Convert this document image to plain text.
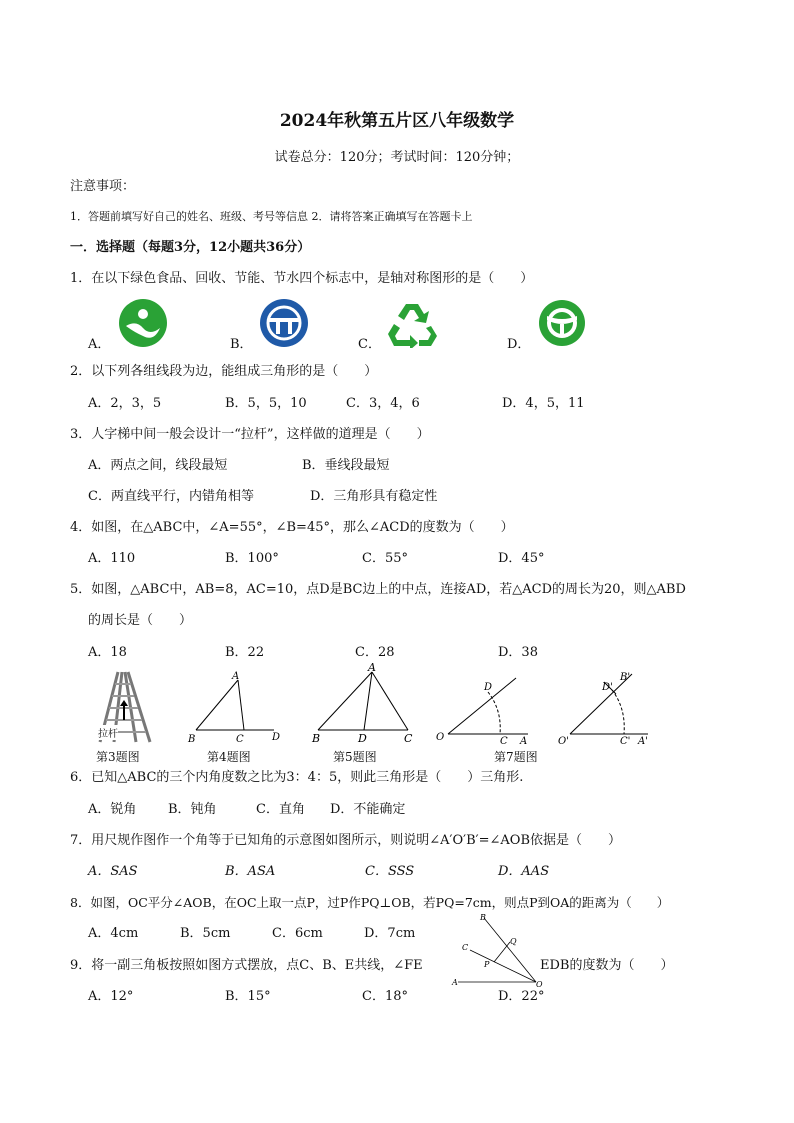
2024年秋第五片区八年级数学
试卷总分：120分；考试时间：120分钟；
注意事项：
1．答题前填写好自己的姓名、班级、考号等信息 2．请将答案正确填写在答题卡上
一．选择题（每题3分，12小题共36分）
1．在以下绿色食品、回收、节能、节水四个标志中，是轴对称图形的是（　　）
A．	B．	C．	D．
2．以下列各组线段为边，能组成三角形的是（　　）
A．2，3，5	B．5，5，10	C．3，4，6	D．4，5，11
3．人字梯中间一般会设计一“拉杆”，这样做的道理是（　　）
A．两点之间，线段最短	B．垂线段最短
C．两直线平行，内错角相等	D．三角形具有稳定性
4．如图，在△ABC中，∠A=55°，∠B=45°，那么∠ACD的度数为（　　）
A．110	B．100°	C．55°	D．45°
5．如图，△ABC中，AB=8，AC=10，点D是BC边上的中点，连接AD，若△ACD的周长为20，则△ABD
的周长是（　　）
A．18	B．22	C．28	D．38
拉杆
A
B	C	D
A
B	D	C O
D
C A
B'
D'
O'	C' A'
第3题图	第4题图	第5题图	第7题图
6．已知△ABC的三个内角度数之比为3：4：5，则此三角形是（　　）三角形.
A．锐角 B．钝角	C．直角 D．不能确定
7．用尺规作图作一个角等于已知角的示意图如图所示，则说明∠A′O′B′=∠AOB依据是（　　）
A．SAS	B．ASA	C．SSS	D．AAS
8．如图，OC平分∠AOB，在OC上取一点P，过P作PQ⊥OB，若PQ=7cm，则点P到OA的距离为（　　）
A．4cm	B．5cm	C．6cm	D．7cm
B
Q
C
P
A	O
9．将一副三角板按照如图方式摆放，点C、B、E共线，∠FE	EDB的度数为（　　）
A．12°	B．15°	C．18°	D．22°
